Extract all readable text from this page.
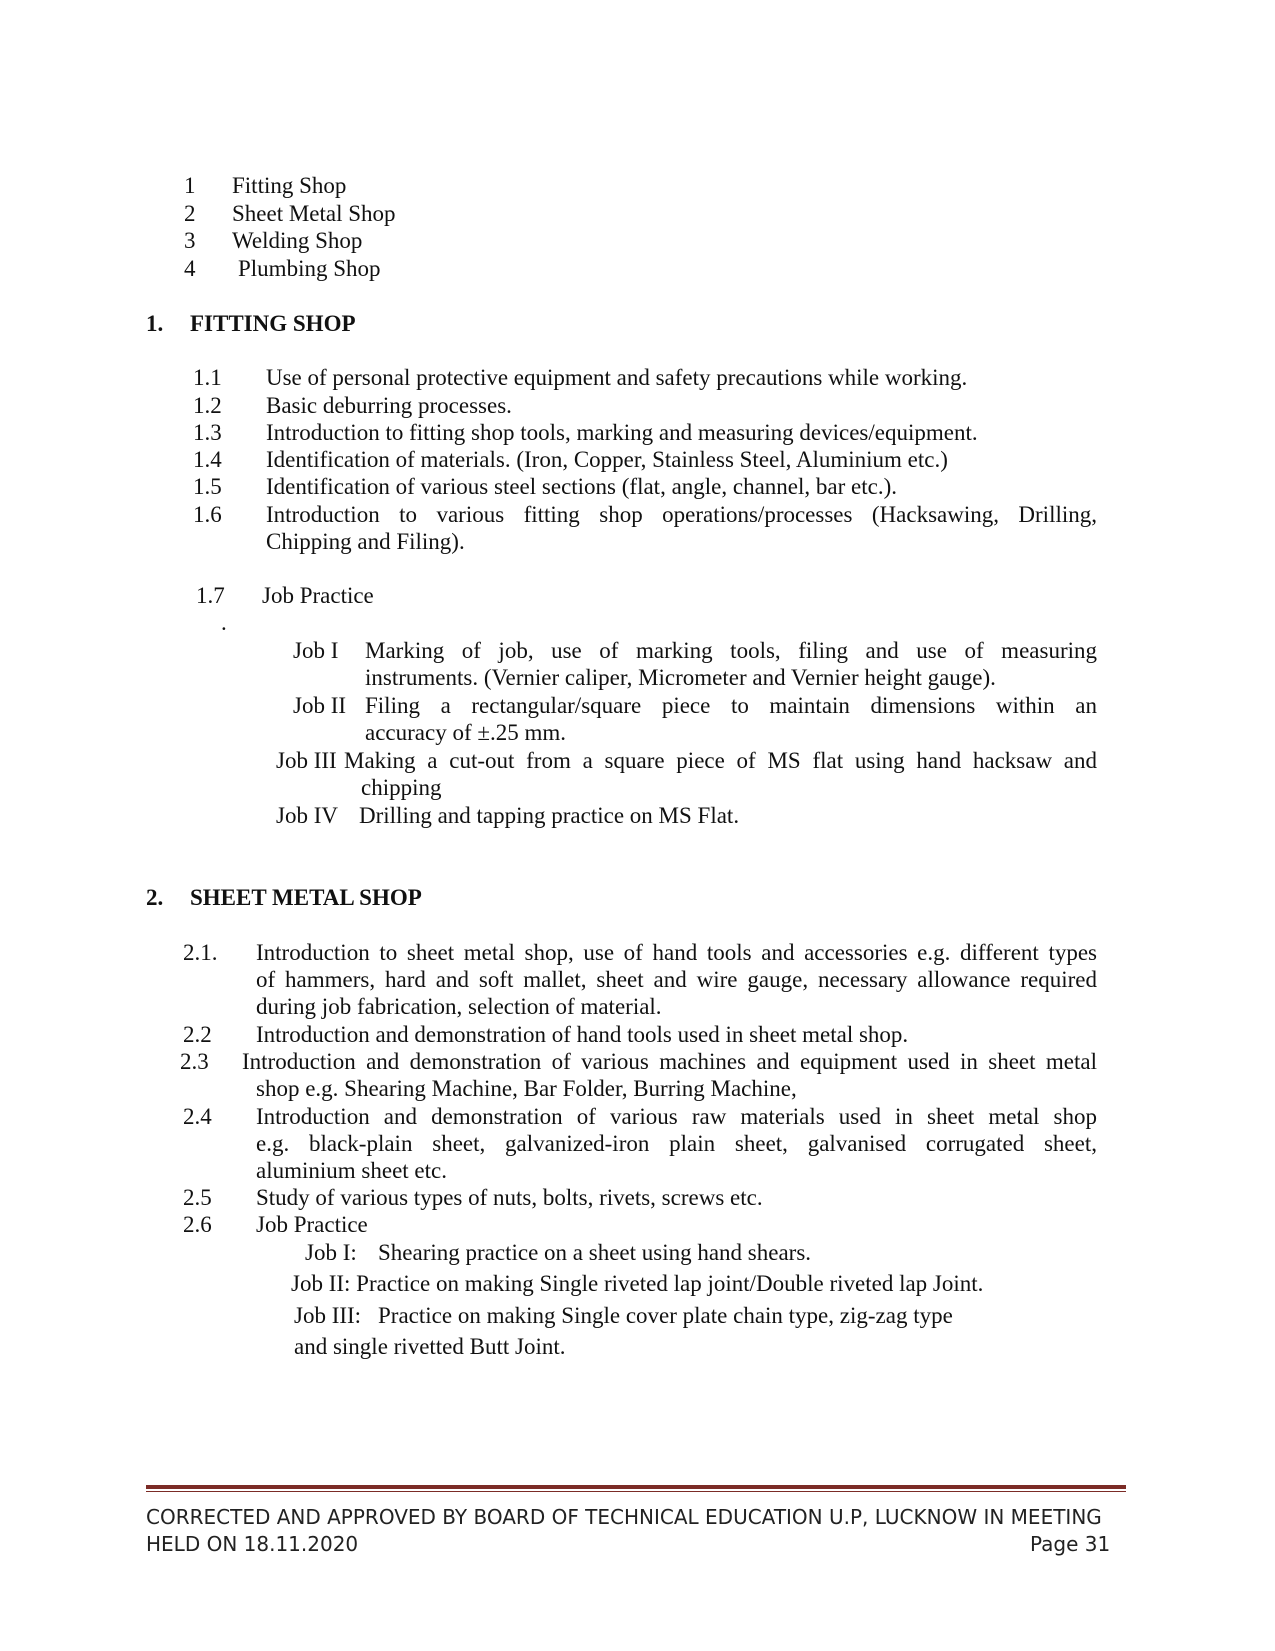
1 Fitting Shop
2 Sheet Metal Shop
3 Welding Shop
4 Plumbing Shop
1. FITTING SHOP
1.1 Use of personal protective equipment and safety precautions while working.
1.2 Basic deburring processes.
1.3 Introduction to fitting shop tools, marking and measuring devices/equipment.
1.4 Identification of materials. (Iron, Copper, Stainless Steel, Aluminium etc.)
1.5 Identification of various steel sections (flat, angle, channel, bar etc.).
1.6 Introduction to various fitting shop operations/processes (Hacksawing, Drilling,
Chipping and Filing).
1.7 Job Practice
.
Job I Marking of job, use of marking tools, filing and use of measuring
instruments. (Vernier caliper, Micrometer and Vernier height gauge).
Job II Filing a rectangular/square piece to maintain dimensions within an
accuracy of ±.25 mm.
Job III Making a cut-out from a square piece of MS flat using hand hacksaw and
chipping
Job IV Drilling and tapping practice on MS Flat.
2. SHEET METAL SHOP
2.1. Introduction to sheet metal shop, use of hand tools and accessories e.g. different types
of hammers, hard and soft mallet, sheet and wire gauge, necessary allowance required
during job fabrication, selection of material.
2.2 Introduction and demonstration of hand tools used in sheet metal shop.
2.3 Introduction and demonstration of various machines and equipment used in sheet metal
shop e.g. Shearing Machine, Bar Folder, Burring Machine,
2.4 Introduction and demonstration of various raw materials used in sheet metal shop
e.g. black-plain sheet, galvanized-iron plain sheet, galvanised corrugated sheet,
aluminium sheet etc.
2.5 Study of various types of nuts, bolts, rivets, screws etc.
2.6 Job Practice
Job I: Shearing practice on a sheet using hand shears.
Job II: Practice on making Single riveted lap joint/Double riveted lap Joint.
Job III: Practice on making Single cover plate chain type, zig-zag type
and single rivetted Butt Joint.
CORRECTED AND APPROVED BY BOARD OF TECHNICAL EDUCATION U.P, LUCKNOW IN MEETING
HELD ON 18.11.2020	Page 31
